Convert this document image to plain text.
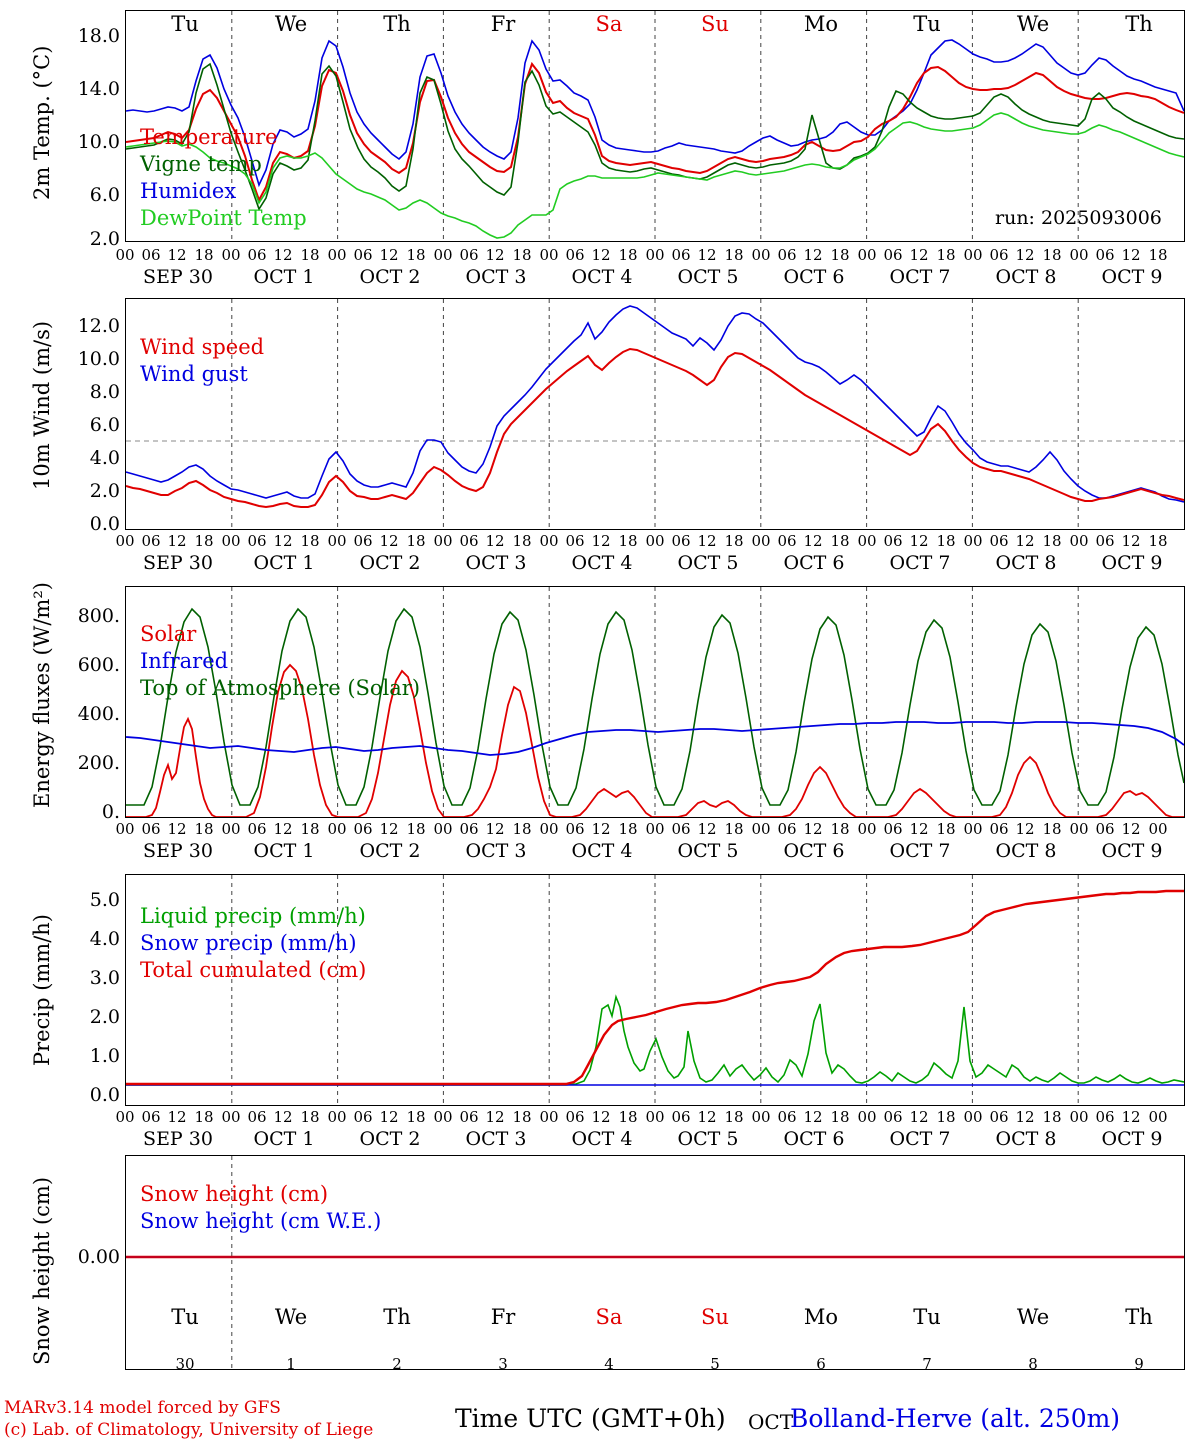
2m Temp. (°C)
18.0
14.0
10.0
6.0
2.0
Tu	We	Th	Fr	Sa	Su	Mo	Tu	We	Th
Temperature
Vigne temp
Humidex
DewPoint Temp	run: 2025093006
00 06 12 18 00 06 12 18 00 06 12 18 00 06 12 18 00 06 12 18 00 06 12 18 00 06 12 18 00 06 12 18 00 06 12 18 00 06 12 18
SEP 30	OCT 1	OCT 2	OCT 3	OCT 4	OCT 5	OCT 6	OCT 7	OCT 8	OCT 9
10m Wind (m/s)	12.0
10.0
8.0
6.0
4.0
2.0
0.0
Wind speed
Wind gust
00 06 12 18 00 06 12 18 00 06 12 18 00 06 12 18 00 06 12 18 00 06 12 18 00 06 12 18 00 06 12 18 00 06 12 18 00 06 12 18
SEP 30	OCT 1	OCT 2	OCT 3	OCT 4	OCT 5	OCT 6	OCT 7	OCT 8	OCT 9
Energy fluxes (W/m²)	800.
600.
400.
200.
0.
Solar
Infrared
Top of Atmosphere (Solar)
00 06 12 18 00 06 12 18 00 06 12 18 00 06 12 18 00 06 12 18 00 06 12 18 00 06 12 18 00 06 12 18 00 06 12 18 00 06 12 00
SEP 30	OCT 1	OCT 2	OCT 3	OCT 4	OCT 5	OCT 6	OCT 7	OCT 8	OCT 9
Precip (mm/h)
5.0
4.0
3.0
2.0
1.0
0.0
Liquid precip (mm/h)
Snow precip (mm/h)
Total cumulated (cm)
00 06 12 18 00 06 12 18 00 06 12 18 00 06 12 18 00 06 12 18 00 06 12 18 00 06 12 18 00 06 12 18 00 06 12 18 00 06 12 00
SEP 30	OCT 1	OCT 2	OCT 3	OCT 4	OCT 5	OCT 6	OCT 7	OCT 8	OCT 9
Snow height (cm)	0.00
Snow height (cm)
Snow height (cm W.E.)
Tu	We	Th	Fr	Sa	Su	Mo	Tu	We	Th
30	1	2	3	4	5	6	7	8	9
MARv3.14 model forced by GFS
(c) Lab. of Climatology, University of Liege	Time UTC (GMT+0h) OCT
Bolland-Herve (alt. 250m)
